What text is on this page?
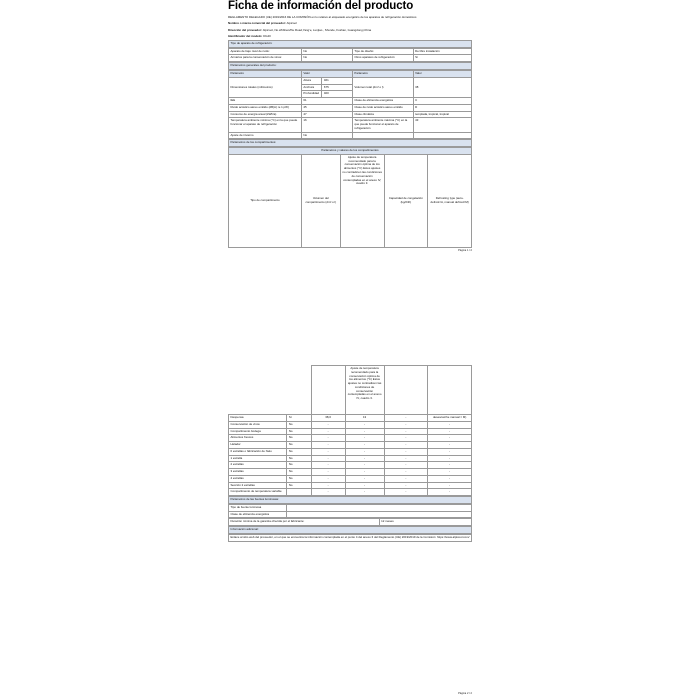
Ficha de información del producto
REGLAMENTO DELEGADO (UE) 2019/2016 DE LA COMISIÓN en lo relativo al etiquetado energético de los aparatos de refrigeración domésticos
Nombre o marca comercial del proveedor: Alpicool
Dirección del proveedor: Alpicool, No.2AShenZhu Road,Yang'e, Lunjiao , Shunde, Foshan, Guangdong,China
Identificador del modelo: DG40
Tipo de aparato de refrigeración:
Aparato de bajo nivel de ruido:	No	Tipo de diseño:	De libre instalación
Armarios para la conservación de vinos:	No	Otros aparatos de refrigeración:	Sí
Parámetros generales del producto:
Parámetro	Valor	Parámetro	Valor
Dimensiones totales (milímetros)	
Altura	461
Anchura	675
Profundidad	400
	Volumen total (dm³ o l)	38
IEE	61	Clase de eficiencia energética	C
Ruido acústico aéreo emitido (dB(A) re 1 pW)	45	Clase de ruido acústico aéreo emitido	D
Consumo de energía anual (kWh/a)	47	Clase climática	templada, tropical, tropical
Temperatura ambiente mínima (°C) en la que puede funcionar el aparato de refrigeración	16	Temperatura ambiente máxima (°C) en la que puede funcionar el aparato de refrigeración	43
Ajuste de invierno	No		
Parámetros de los compartimentos:
Parámetros y valores de los compartimentos
Tipo de compartimento	Volumen del compartimento (dm³ o l)	Ajuste de temperatura recomendado para la conservación óptima de los alimentos (°C) Estos ajustes no contradicen las condiciones de conservación contempladas en el anexo IV, cuadro 3.	Capacidad de congelación (kg/24h)	Defrosting type (auto-defrost=A, manual defrost=M)
Página 1 / 2
			Ajuste de temperatura recomendado para la conservación óptima de los alimentos (°C) Estos ajustes no contradicen las condiciones de conservación contempladas en el anexo IV, cuadro 3.		
Despensa	Sí	38,0	13	-	desescarche manual = M)
Conservación de vinos	No	-	-	-	-
Compartimento bodega	No	-	-	-	-
Alimentos frescos	No	-	-	-	-
Helador	No	-	-	-	-
0 estrellas o fabricación de hielo	No	-	-	-	-
1 estrella	No	-	-	-	-
2 estrellas	No	-	-	-	-
3 estrellas	No	-	-	-	-
4 estrellas	No	-	-	-	-
Sección 2 estrellas	No	-	-	-	-
Compartimento de temperatura variable		-	-	-	-
Parámetros de las fuentes luminosas:
Tipo de fuente luminosa	
Clase de eficiencia energética	
Duración mínima de la garantía ofrecida por el fabricante:	12 meses
Información adicional:
Enlace al sitio web del proveedor, en el que se encuentra la información contemplada en el punto 4 del anexo II del Reglamento (UE) 2019/2019 de la Comisión: https://www.alpicool.com/
Página 2 / 2
